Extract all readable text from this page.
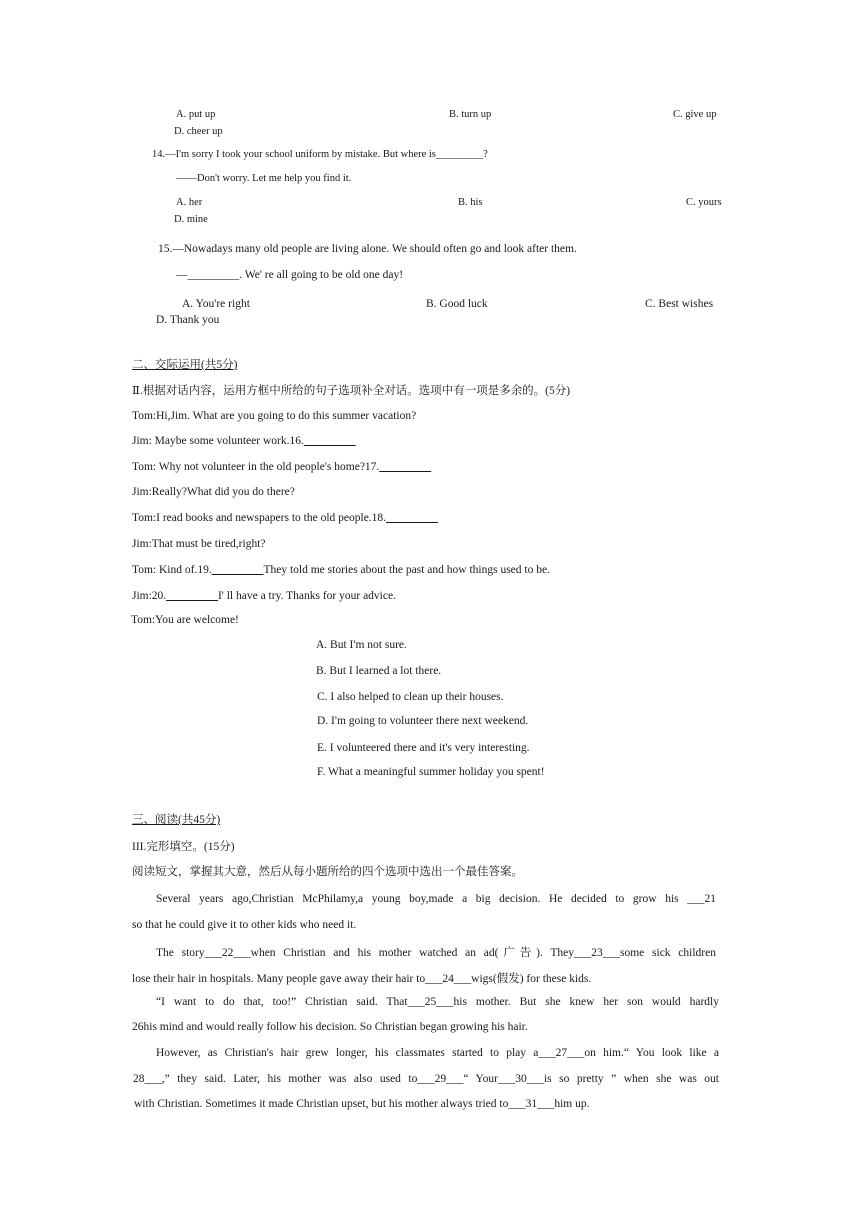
A. put up	B. turn up	C. give up
D. cheer up
14.—I'm sorry I took your school uniform by mistake. But where is_________?
——Don't worry. Let me help you find it.
A. her	B. his	C. yours
D. mine
15.—Nowadays many old people are living alone. We should often go and look after them.
—_________. We' re all going to be old one day!
A. You're right	B. Good luck	C. Best wishes
D. Thank you
二、交际运用(共5分)
Ⅱ.根据对话内容，运用方框中所给的句子选项补全对话。选项中有一项是多余的。(5分)
Tom:Hi,Jim. What are you going to do this summer vacation?
Jim: Maybe some volunteer work.16._________
Tom: Why not volunteer in the old people's home?17._________
Jim:Really?What did you do there?
Tom:I read books and newspapers to the old people.18._________
Jim:That must be tired,right?
Tom: Kind of.19._________They told me stories about the past and how things used to be.
Jim:20._________I' ll have a try. Thanks for your advice.
Tom:You are welcome!
A. But I'm not sure.
B. But I learned a lot there.
C. I also helped to clean up their houses.
D. I'm going to volunteer there next weekend.
E. I volunteered there and it's very interesting.
F. What a meaningful summer holiday you spent!
三、阅读(共45分)
III.完形填空。(15分)
阅读短文，掌握其大意，然后从每小题所给的四个选项中选出一个最佳答案。
Several years ago,Christian McPhilamy,a young boy,made a big decision. He decided to grow his ___21
so that he could give it to other kids who need it.
The story___22___when Christian and his mother watched an ad(广告). They___23___some sick children
lose their hair in hospitals. Many people gave away their hair to___24___wigs(假发) for these kids.
“I want to do that, too!” Christian said. That___25___his mother. But she knew her son would hardly
26his mind and would really follow his decision. So Christian began growing his hair.
However, as Christian's hair grew longer, his classmates started to play a___27___on him.“ You look like a
28___,” they said. Later, his mother was also used to___29___“ Your___30___is so pretty ” when she was out
with Christian. Sometimes it made Christian upset, but his mother always tried to___31___him up.
